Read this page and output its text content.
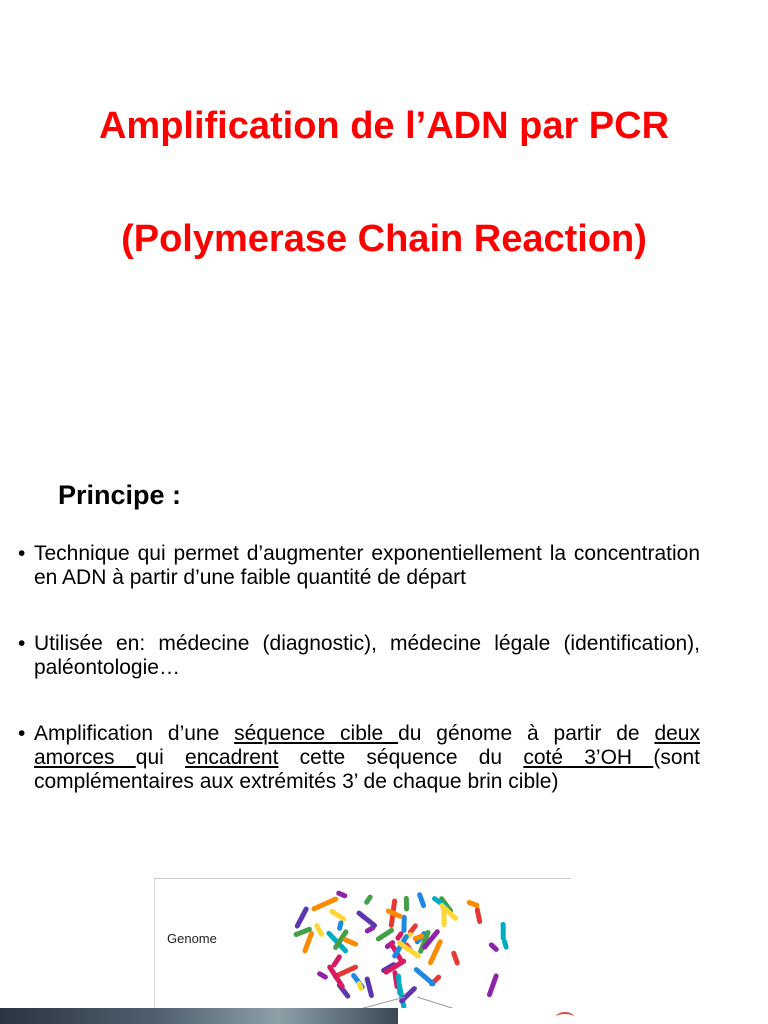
Amplification de l’ADN par PCR
(Polymerase Chain Reaction)
Principe :
• Technique qui permet d’augmenter exponentiellement la concentration en ADN à partir d’une faible quantité de départ
• Utilisée en: médecine (diagnostic), médecine légale (identification), paléontologie…
• Amplification d’une séquence cible du génome à partir de deux amorces qui encadrent cette séquence du coté 3’OH (sont complémentaires aux extrémités 3’ de chaque brin cible)
Genome
